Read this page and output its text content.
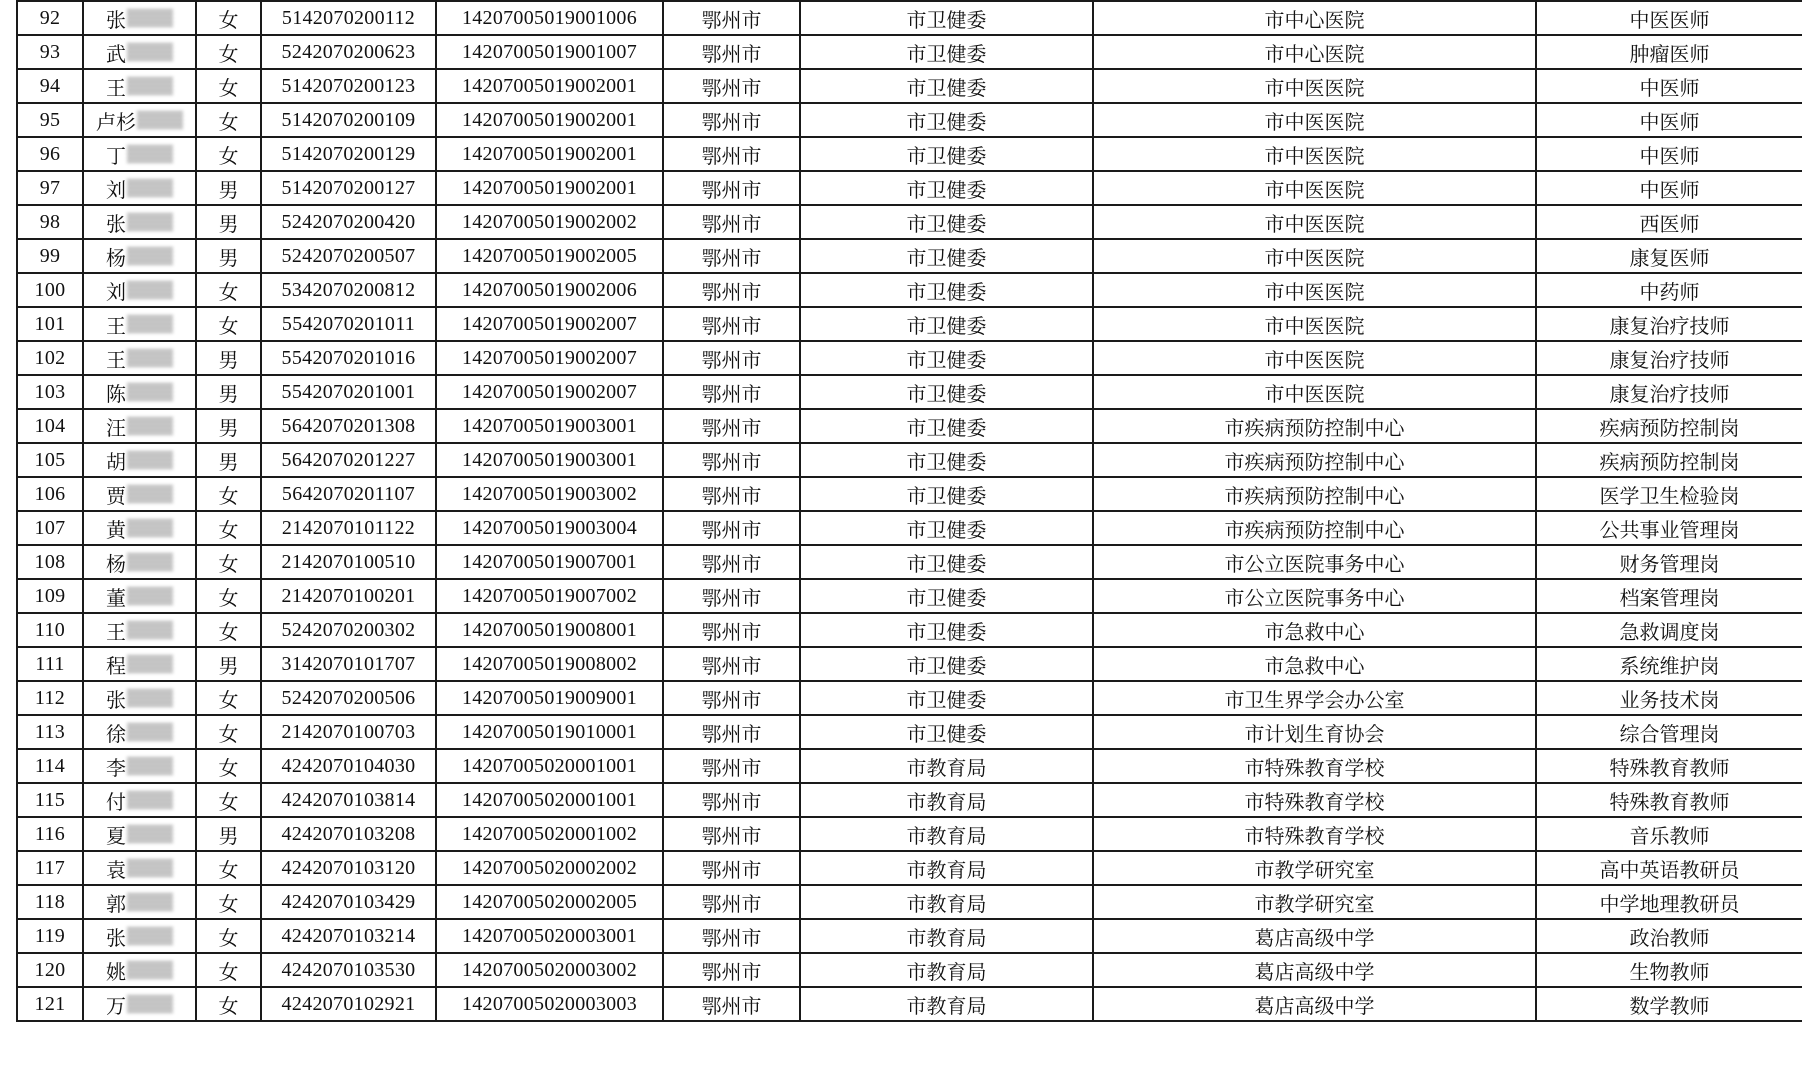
92	张	女	5142070200112	14207005019001006	鄂州市	市卫健委	市中心医院	中医医师
93	武	女	5242070200623	14207005019001007	鄂州市	市卫健委	市中心医院	肿瘤医师
94	王	女	5142070200123	14207005019002001	鄂州市	市卫健委	市中医医院	中医师
95	卢杉	女	5142070200109	14207005019002001	鄂州市	市卫健委	市中医医院	中医师
96	丁	女	5142070200129	14207005019002001	鄂州市	市卫健委	市中医医院	中医师
97	刘	男	5142070200127	14207005019002001	鄂州市	市卫健委	市中医医院	中医师
98	张	男	5242070200420	14207005019002002	鄂州市	市卫健委	市中医医院	西医师
99	杨	男	5242070200507	14207005019002005	鄂州市	市卫健委	市中医医院	康复医师
100	刘	女	5342070200812	14207005019002006	鄂州市	市卫健委	市中医医院	中药师
101	王	女	5542070201011	14207005019002007	鄂州市	市卫健委	市中医医院	康复治疗技师
102	王	男	5542070201016	14207005019002007	鄂州市	市卫健委	市中医医院	康复治疗技师
103	陈	男	5542070201001	14207005019002007	鄂州市	市卫健委	市中医医院	康复治疗技师
104	汪	男	5642070201308	14207005019003001	鄂州市	市卫健委	市疾病预防控制中心	疾病预防控制岗
105	胡	男	5642070201227	14207005019003001	鄂州市	市卫健委	市疾病预防控制中心	疾病预防控制岗
106	贾	女	5642070201107	14207005019003002	鄂州市	市卫健委	市疾病预防控制中心	医学卫生检验岗
107	黄	女	2142070101122	14207005019003004	鄂州市	市卫健委	市疾病预防控制中心	公共事业管理岗
108	杨	女	2142070100510	14207005019007001	鄂州市	市卫健委	市公立医院事务中心	财务管理岗
109	董	女	2142070100201	14207005019007002	鄂州市	市卫健委	市公立医院事务中心	档案管理岗
110	王	女	5242070200302	14207005019008001	鄂州市	市卫健委	市急救中心	急救调度岗
111	程	男	3142070101707	14207005019008002	鄂州市	市卫健委	市急救中心	系统维护岗
112	张	女	5242070200506	14207005019009001	鄂州市	市卫健委	市卫生界学会办公室	业务技术岗
113	徐	女	2142070100703	14207005019010001	鄂州市	市卫健委	市计划生育协会	综合管理岗
114	李	女	4242070104030	14207005020001001	鄂州市	市教育局	市特殊教育学校	特殊教育教师
115	付	女	4242070103814	14207005020001001	鄂州市	市教育局	市特殊教育学校	特殊教育教师
116	夏	男	4242070103208	14207005020001002	鄂州市	市教育局	市特殊教育学校	音乐教师
117	袁	女	4242070103120	14207005020002002	鄂州市	市教育局	市教学研究室	高中英语教研员
118	郭	女	4242070103429	14207005020002005	鄂州市	市教育局	市教学研究室	中学地理教研员
119	张	女	4242070103214	14207005020003001	鄂州市	市教育局	葛店高级中学	政治教师
120	姚	女	4242070103530	14207005020003002	鄂州市	市教育局	葛店高级中学	生物教师
121	万	女	4242070102921	14207005020003003	鄂州市	市教育局	葛店高级中学	数学教师
